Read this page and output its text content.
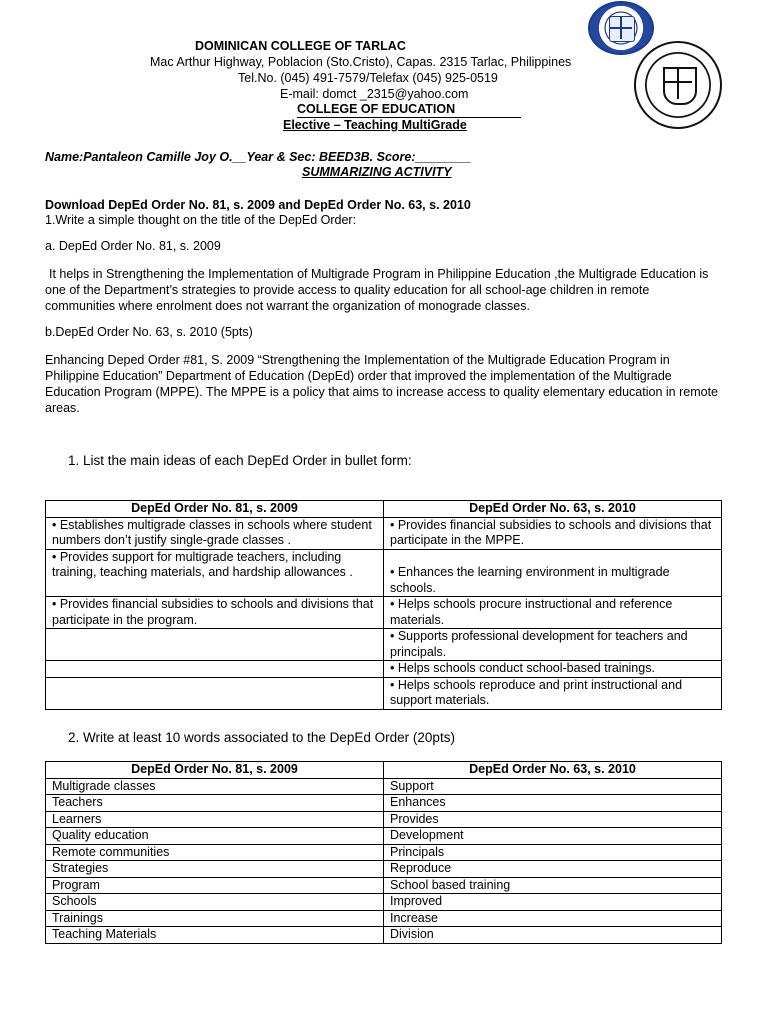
DOMINICAN COLLEGE OF TARLAC
Mac Arthur Highway, Poblacion (Sto.Cristo), Capas. 2315 Tarlac, Philippines
Tel.No. (045) 491-7579/Telefax (045) 925-0519
E-mail: domct _2315@yahoo.com
COLLEGE OF EDUCATION
Elective – Teaching MultiGrade
Name:Pantaleon Camille Joy O.__Year & Sec: BEED3B. Score:________
SUMMARIZING ACTIVITY
Download DepEd Order No. 81, s. 2009 and DepEd Order No. 63, s. 2010
1.Write a simple thought on the title of the DepEd Order:
a. DepEd Order No. 81, s. 2009
It helps in Strengthening the Implementation of Multigrade Program in Philippine Education ,the Multigrade Education is one of the Department’s strategies to provide access to quality education for all school-age children in remote communities where enrolment does not warrant the organization of monograde classes.
b.DepEd Order No. 63, s. 2010 (5pts)
Enhancing Deped Order #81, S. 2009 “Strengthening the Implementation of the Multigrade Education Program in Philippine Education” Department of Education (DepEd) order that improved the implementation of the Multigrade Education Program (MPPE). The MPPE is a policy that aims to increase access to quality elementary education in remote areas.
1. List the main ideas of each DepEd Order in bullet form:
DepEd Order No. 81, s. 2009	DepEd Order No. 63, s. 2010
• Establishes multigrade classes in schools where student numbers don’t justify single-grade classes .	• Provides financial subsidies to schools and divisions that participate in the MPPE.
• Provides support for multigrade teachers, including training, teaching materials, and hardship allowances .	• Enhances the learning environment in multigrade schools.
• Provides financial subsidies to schools and divisions that participate in the program.	• Helps schools procure instructional and reference materials.
	• Supports professional development for teachers and principals.
	• Helps schools conduct school-based trainings.
	• Helps schools reproduce and print instructional and support materials.
2. Write at least 10 words associated to the DepEd Order (20pts)
DepEd Order No. 81, s. 2009	DepEd Order No. 63, s. 2010
Multigrade classes	Support
Teachers	Enhances
Learners	Provides
Quality education	Development
Remote communities	Principals
Strategies	Reproduce
Program	School based training
Schools	Improved
Trainings	Increase
Teaching Materials	Division
